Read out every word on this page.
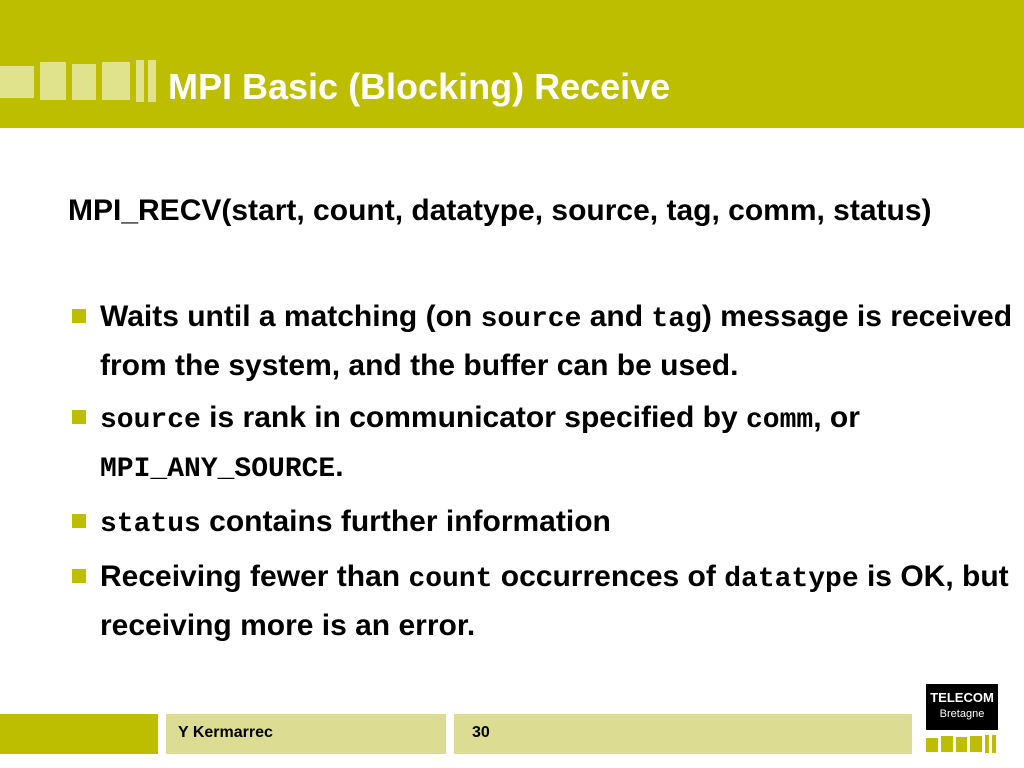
MPI Basic (Blocking) Receive
MPI_RECV(start, count, datatype, source, tag, comm, status)
Waits until a matching (on source and tag) message is received from the system, and the buffer can be used.
source is rank in communicator specified by comm, or MPI_ANY_SOURCE.
status contains further information
Receiving fewer than count occurrences of datatype is OK, but receiving more is an error.
Y Kermarrec	30
TELECOM
Bretagne
